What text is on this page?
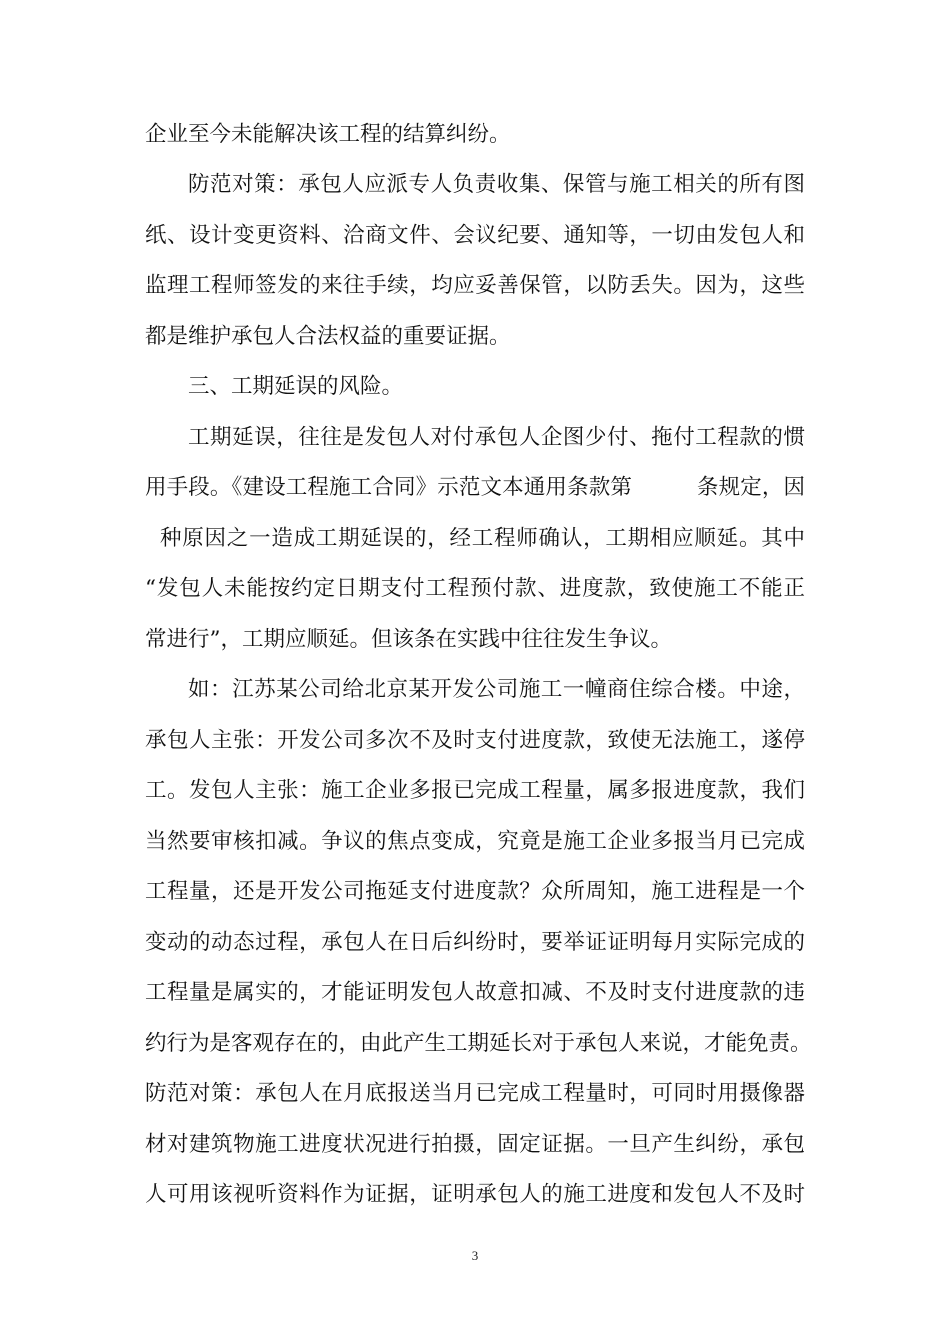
企业至今未能解决该工程的结算纠纷。
防范对策：承包人应派专人负责收集、保管与施工相关的所有图
纸、设计变更资料、洽商文件、会议纪要、通知等，一切由发包人和
监理工程师签发的来往手续，均应妥善保管，以防丢失。因为，这些
都是维护承包人合法权益的重要证据。
三、工期延误的风险。
工期延误，往往是发包人对付承包人企图少付、拖付工程款的惯
用手段。《建设工程施工合同》示范文本通用条款第　　　条规定，因
种原因之一造成工期延误的，经工程师确认，工期相应顺延。其中
“发包人未能按约定日期支付工程预付款、进度款，致使施工不能正
常进行”，工期应顺延。但该条在实践中往往发生争议。
如：江苏某公司给北京某开发公司施工一幢商住综合楼。中途，
承包人主张：开发公司多次不及时支付进度款，致使无法施工，遂停
工。发包人主张：施工企业多报已完成工程量，属多报进度款，我们
当然要审核扣减。争议的焦点变成，究竟是施工企业多报当月已完成
工程量，还是开发公司拖延支付进度款？众所周知，施工进程是一个
变动的动态过程，承包人在日后纠纷时，要举证证明每月实际完成的
工程量是属实的，才能证明发包人故意扣减、不及时支付进度款的违
约行为是客观存在的，由此产生工期延长对于承包人来说，才能免责。
防范对策：承包人在月底报送当月已完成工程量时，可同时用摄像器
材对建筑物施工进度状况进行拍摄，固定证据。一旦产生纠纷，承包
人可用该视听资料作为证据，证明承包人的施工进度和发包人不及时
3
